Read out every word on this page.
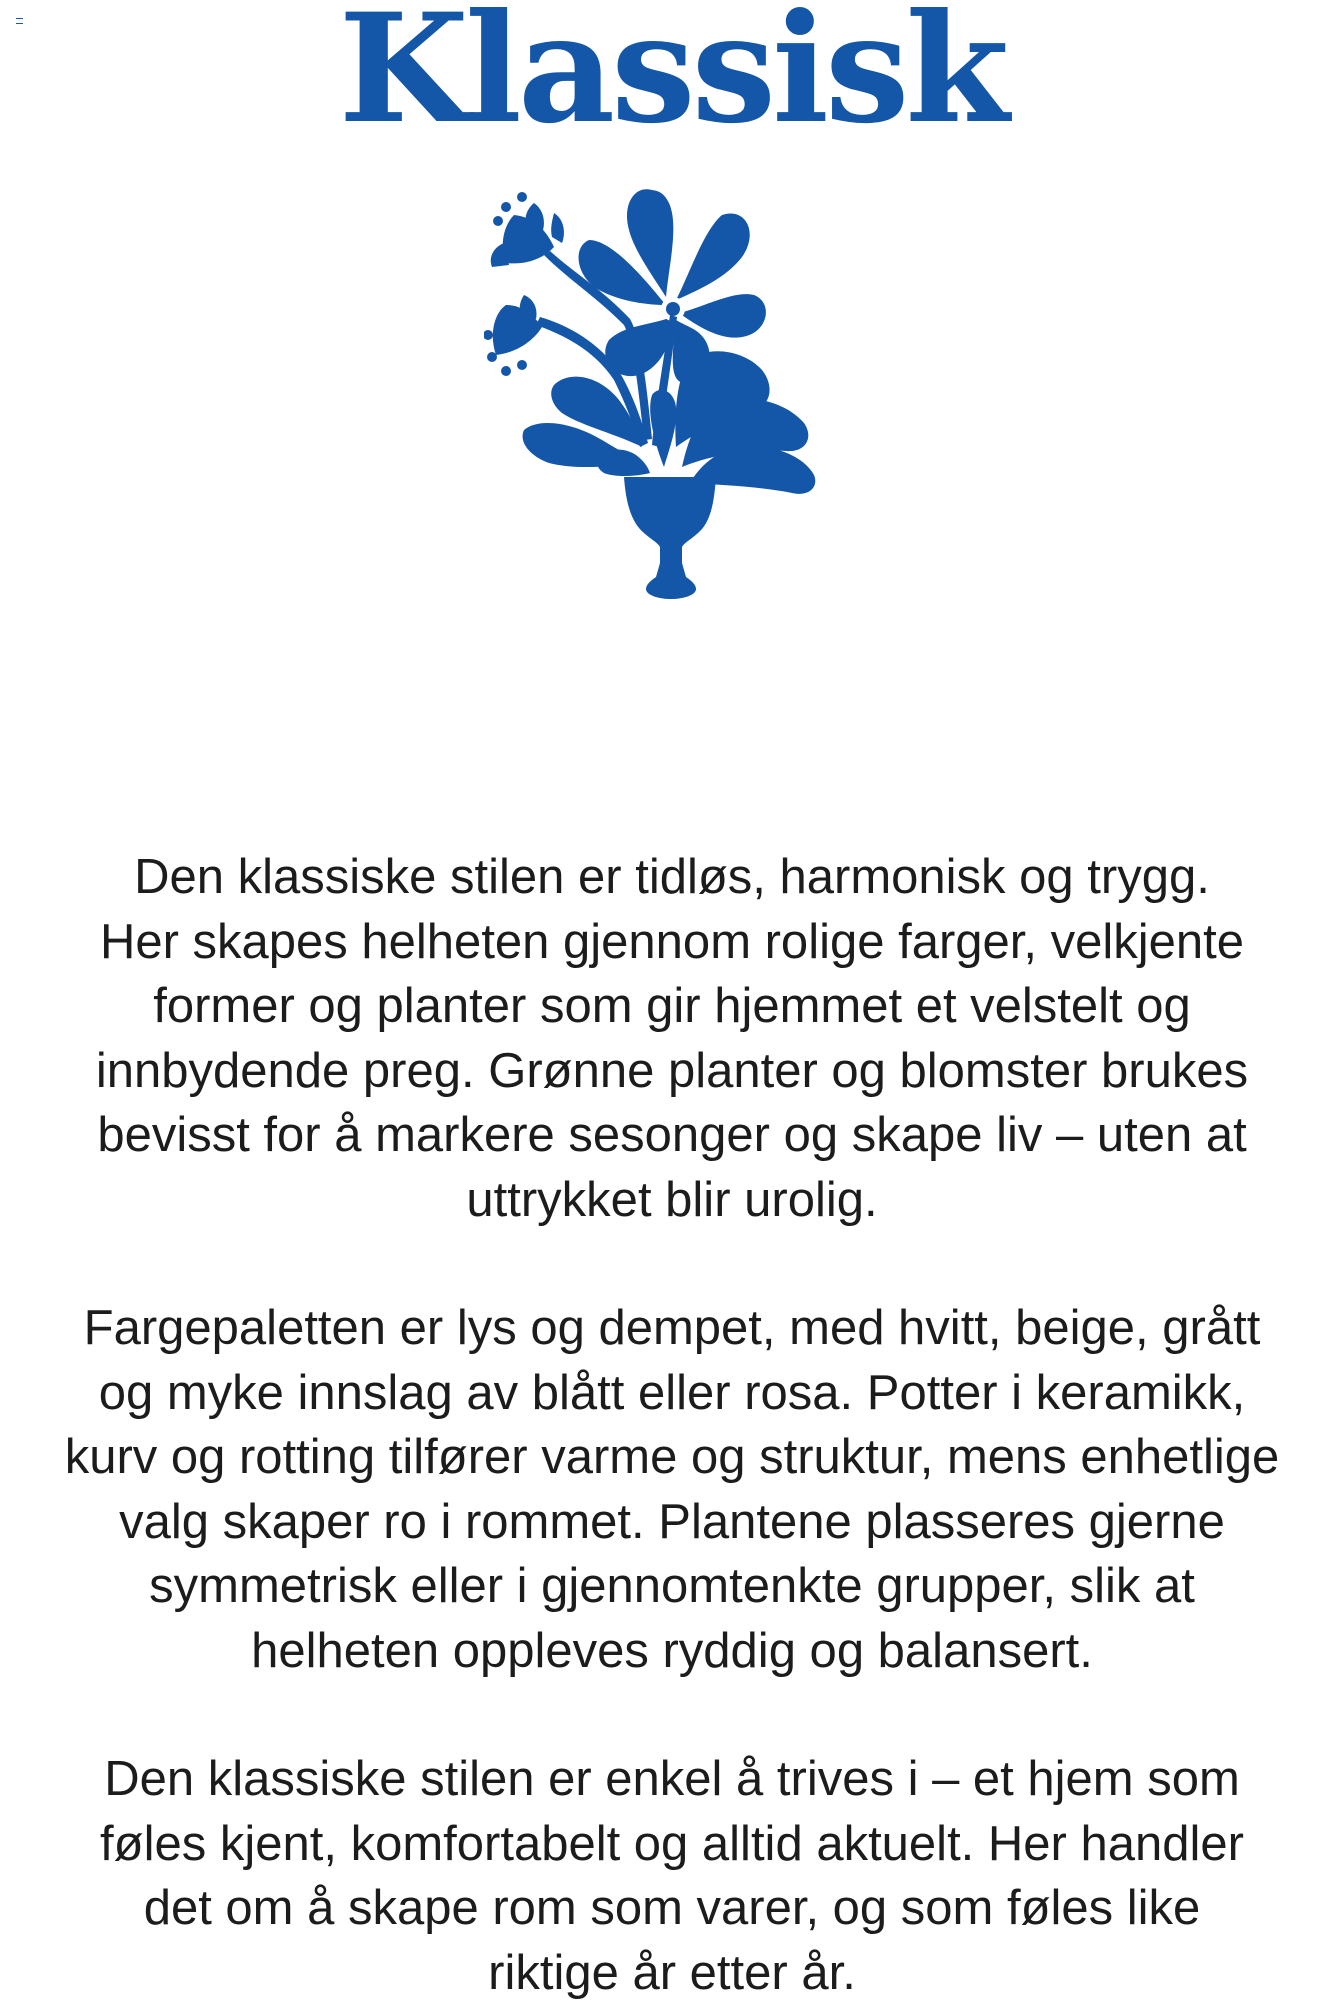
Klassisk

Den klassiske stilen er tidløs, harmonisk og trygg.
Her skapes helheten gjennom rolige farger, velkjente
former og planter som gir hjemmet et velstelt og
innbydende preg. Grønne planter og blomster brukes
bevisst for å markere sesonger og skape liv – uten at
uttrykket blir urolig.

Fargepaletten er lys og dempet, med hvitt, beige, grått
og myke innslag av blått eller rosa. Potter i keramikk,
kurv og rotting tilfører varme og struktur, mens enhetlige
valg skaper ro i rommet. Plantene plasseres gjerne
symmetrisk eller i gjennomtenkte grupper, slik at
helheten oppleves ryddig og balansert.

Den klassiske stilen er enkel å trives i – et hjem som
føles kjent, komfortabelt og alltid aktuelt. Her handler
det om å skape rom som varer, og som føles like
riktige år etter år.
